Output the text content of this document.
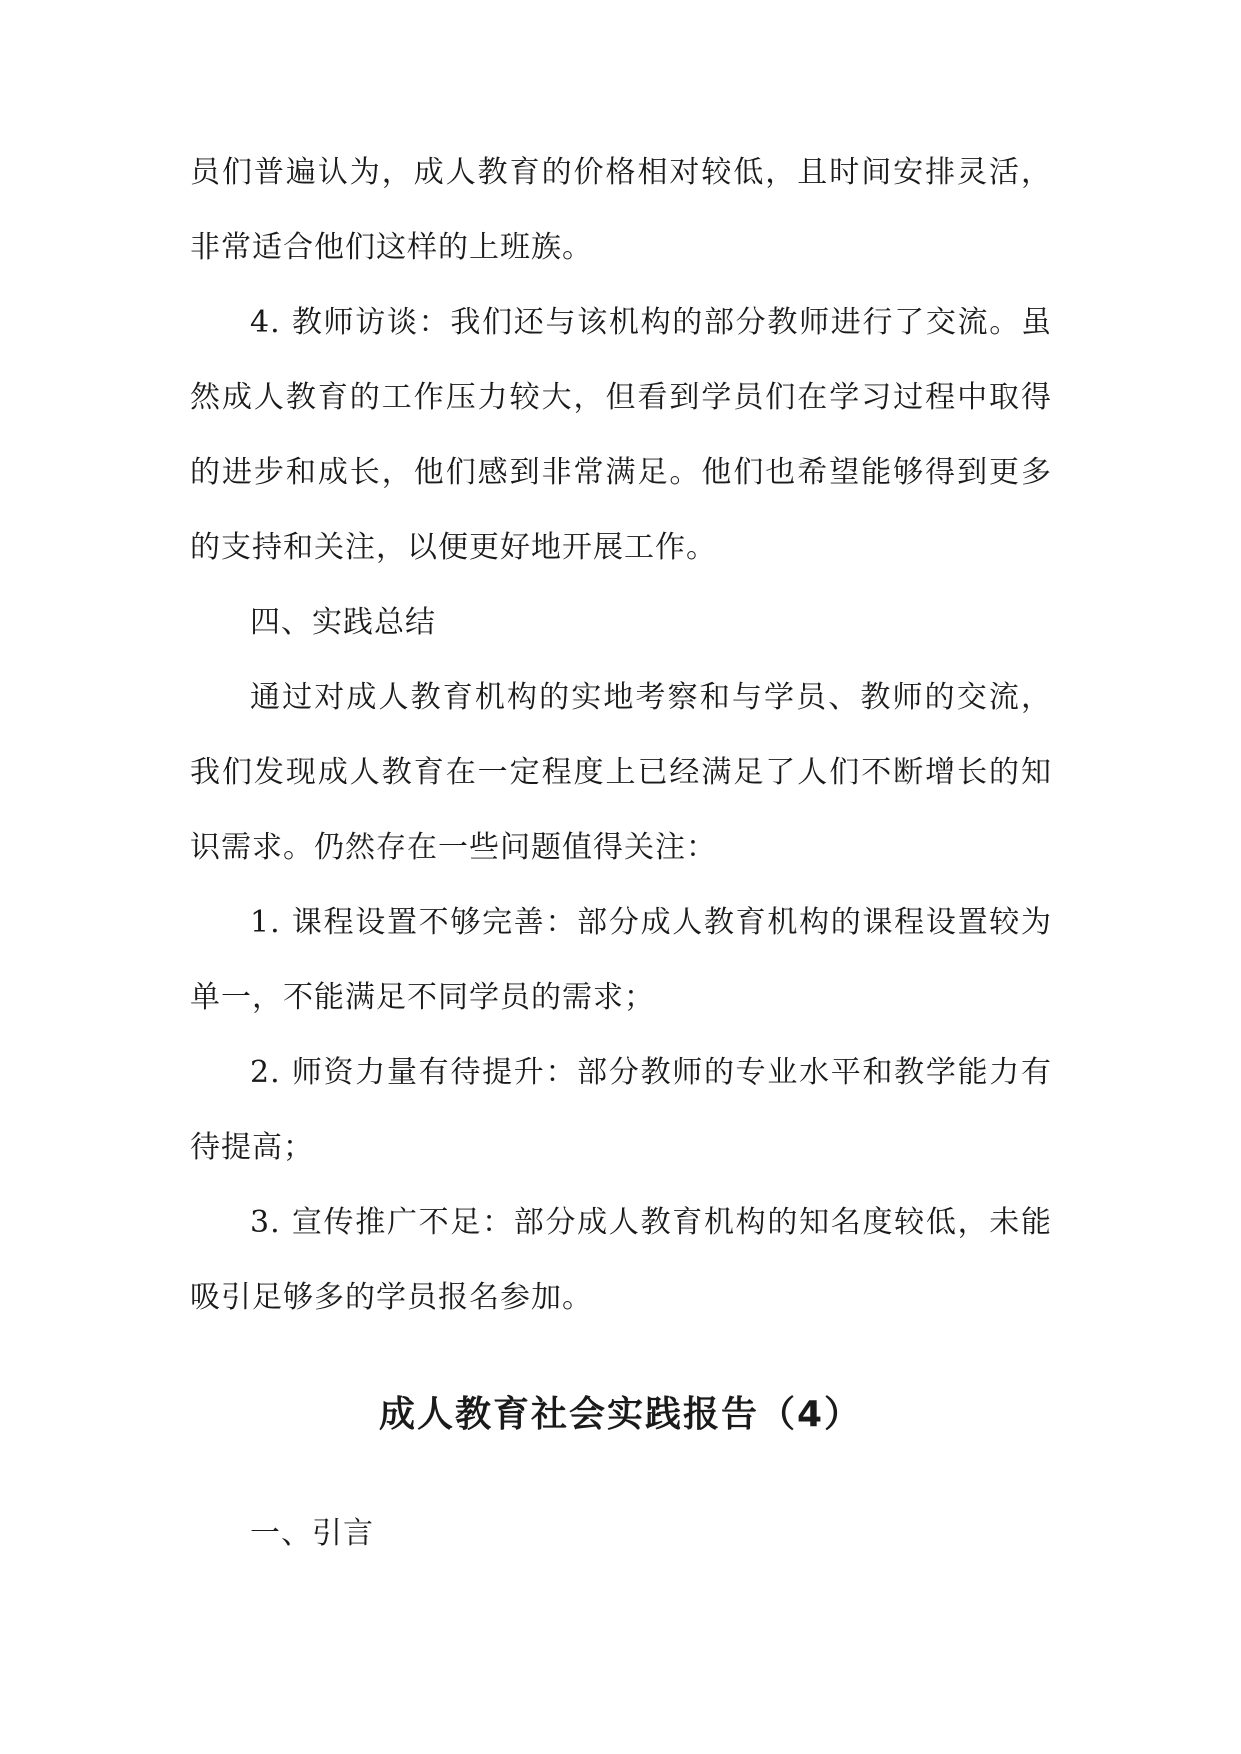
员们普遍认为，成人教育的价格相对较低，且时间安排灵活，非常适合他们这样的上班族。

4. 教师访谈：我们还与该机构的部分教师进行了交流。虽然成人教育的工作压力较大，但看到学员们在学习过程中取得的进步和成长，他们感到非常满足。他们也希望能够得到更多的支持和关注，以便更好地开展工作。

四、实践总结

通过对成人教育机构的实地考察和与学员、教师的交流，我们发现成人教育在一定程度上已经满足了人们不断增长的知识需求。仍然存在一些问题值得关注：

1. 课程设置不够完善：部分成人教育机构的课程设置较为单一，不能满足不同学员的需求；

2. 师资力量有待提升：部分教师的专业水平和教学能力有待提高；

3. 宣传推广不足：部分成人教育机构的知名度较低，未能吸引足够多的学员报名参加。

成人教育社会实践报告（4）

一、引言
